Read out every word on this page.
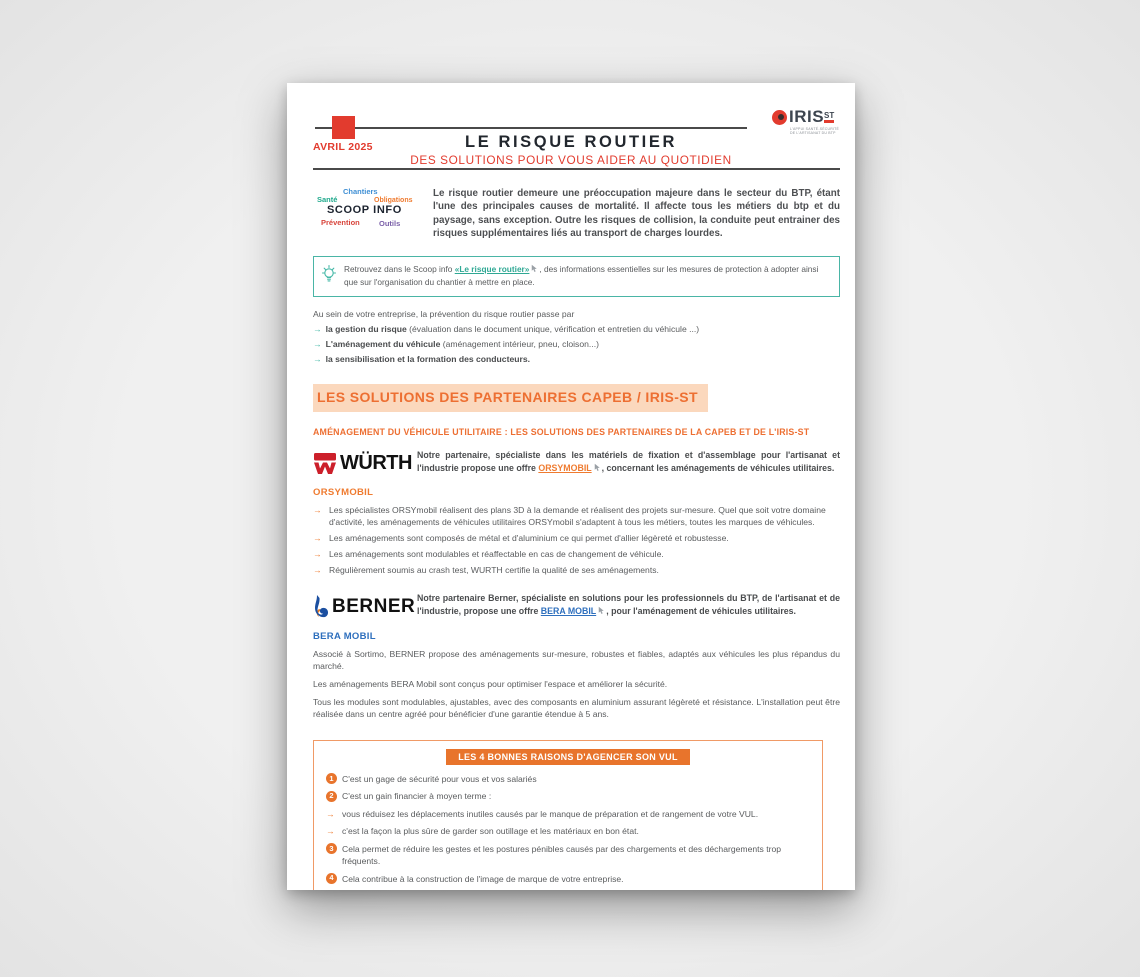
AVRIL 2025	LE RISQUE ROUTIER
DES SOLUTIONS POUR VOUS AIDER AU QUOTIDIEN
IRIS ST
L'APPUI SANTÉ-SÉCURITÉ
DE L'ARTISANAT DU BTP
Chantiers
Santé	Obligations
SCOOP INFO
Prévention	Outils
Le risque routier demeure une préoccupation majeure dans le secteur du BTP, étant l'une des principales causes de mortalité. Il affecte tous les métiers du btp et du paysage, sans exception. Outre les risques de collision, la conduite peut entrainer des risques supplémentaires liés au transport de charges lourdes.
Retrouvez dans le Scoop info «Le risque routier» , des informations essentielles sur les mesures de protection à adopter ainsi que sur l'organisation du chantier à mettre en place.
Au sein de votre entreprise, la prévention du risque routier passe par
→ la gestion du risque (évaluation dans le document unique, vérification et entretien du véhicule ...)
→ L'aménagement du véhicule (aménagement intérieur, pneu, cloison...)
→ la sensibilisation et la formation des conducteurs.
LES SOLUTIONS DES PARTENAIRES CAPEB / IRIS-ST
AMÉNAGEMENT DU VÉHICULE UTILITAIRE : LES SOLUTIONS DES PARTENAIRES DE LA CAPEB ET DE L'IRIS-ST
WÜRTH Notre partenaire, spécialiste dans les matériels de fixation et d'assemblage pour l'artisanat et l'industrie propose une offre ORSYMOBIL , concernant les aménagements de véhicules utilitaires.
ORSYMOBIL
→ Les spécialistes ORSYmobil réalisent des plans 3D à la demande et réalisent des projets sur-mesure. Quel que soit votre domaine d'activité, les aménagements de véhicules utilitaires ORSYmobil s'adaptent à tous les métiers, toutes les marques de véhicules.
→ Les aménagements sont composés de métal et d'aluminium ce qui permet d'allier légèreté et robustesse.
→ Les aménagements sont modulables et réaffectable en cas de changement de véhicule.
→ Régulièrement soumis au crash test, WURTH certifie la qualité de ses aménagements.
BERNER Notre partenaire Berner, spécialiste en solutions pour les professionnels du BTP, de l'artisanat et de l'industrie, propose une offre BERA MOBIL , pour l'aménagement de véhicules utilitaires.
BERA MOBIL

Associé à Sortimo, BERNER propose des aménagements sur-mesure, robustes et fiables, adaptés aux véhicules les plus répandus du marché.

Les aménagements BERA Mobil sont conçus pour optimiser l'espace et améliorer la sécurité.

Tous les modules sont modulables, ajustables, avec des composants en aluminium assurant légèreté et résistance. L'installation peut être réalisée dans un centre agréé pour bénéficier d'une garantie étendue à 5 ans.

LES 4 BONNES RAISONS D'AGENCER SON VUL
1 C'est un gage de sécurité pour vous et vos salariés
2 C'est un gain financier à moyen terme :
→ vous réduisez les déplacements inutiles causés par le manque de préparation et de rangement de votre VUL.
→ c'est la façon la plus sûre de garder son outillage et les matériaux en bon état.
3 Cela permet de réduire les gestes et les postures pénibles causés par des chargements et des déchargements trop fréquents.
4 Cela contribue à la construction de l'image de marque de votre entreprise.
